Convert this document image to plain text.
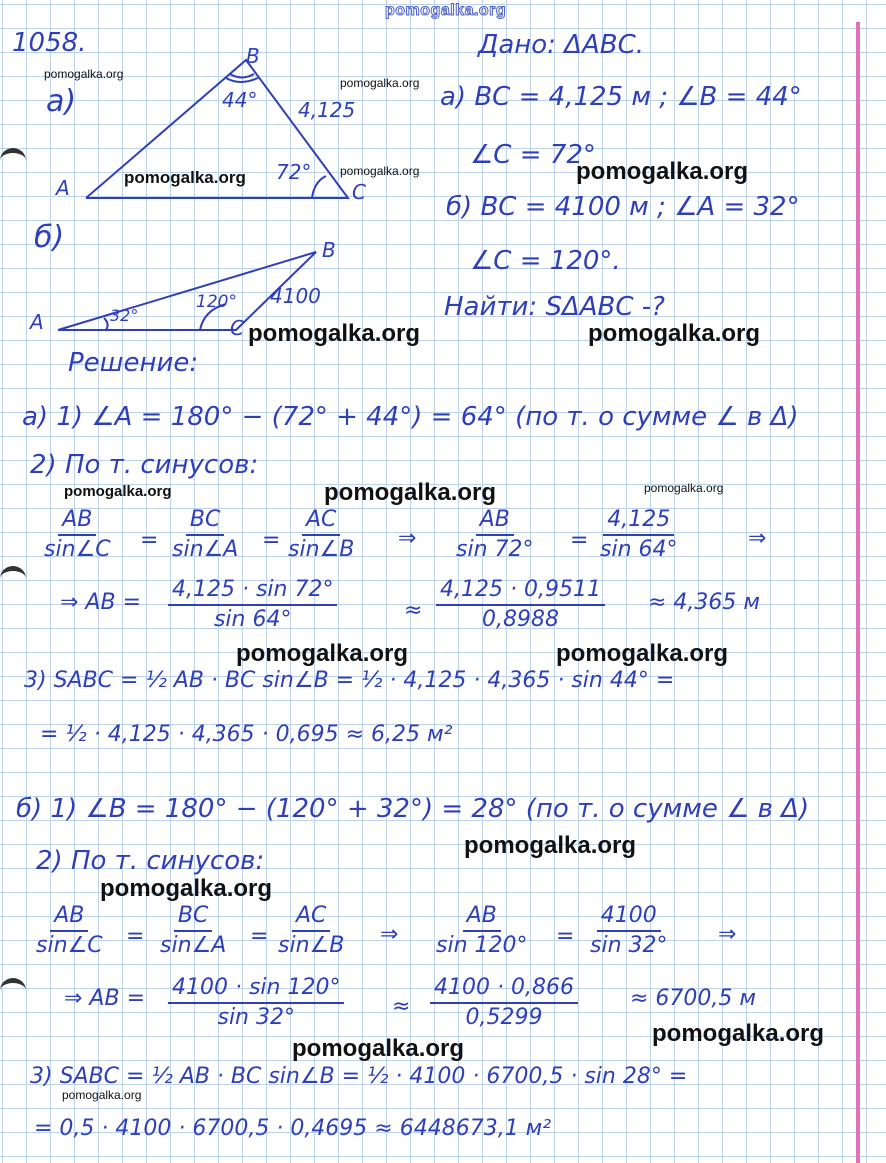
pomogalka.org
pomogalka.org
pomogalka.org
pomogalka.org
pomogalka.org	pomogalka.org
pomogalka.org	pomogalka.org
pomogalka.org	pomogalka.org	pomogalka.org
pomogalka.org	pomogalka.org
pomogalka.org
pomogalka.org
pomogalka.org
pomogalka.org
pomogalka.org
1058.
а)
A
B
C
44°
72°
4,125
б)
A
B
C
32°
120° 4100
Дано: ΔABC.
а) BC = 4,125 м ; ∠B = 44°
∠C = 72°
б) BC = 4100 м ; ∠A = 32°
∠C = 120°.
Найти: SΔABC -?
Решение:
а) 1) ∠A = 180° − (72° + 44°) = 64° (по т. о сумме ∠ в Δ)
2) По т. синусов:
$\frac{AB}{\sin\angle C} = \frac{BC}{\sin\angle A} = \frac{AC}{\sin\angle B}$ ⇒ $\frac{AB}{\sin 72^\circ} = \frac{4,125}{\sin 64^\circ}$	⇒
⇒ AB = $\frac{4,125 \cdot \sin 72^\circ}{\sin 64^\circ}$	≈ $\frac{4,125 \cdot 0,9511}{0,8988} \approx 4,365$ м
3) SABC = ½ AB · BC sin∠B = ½ · 4,125 · 4,365 · sin 44° =
= ½ · 4,125 · 4,365 · 0,695 ≈ 6,25 м²
б) 1) ∠B = 180° − (120° + 32°) = 28° (по т. о сумме ∠ в Δ)
2) По т. синусов:
$\frac{AB}{\sin\angle C} = \frac{BC}{\sin\angle A} = \frac{AC}{\sin\angle B}$ ⇒ $\frac{AB}{\sin 120^\circ} = \frac{4100}{\sin 32^\circ}$ ⇒
⇒ AB = $\frac{4100 \cdot \sin 120^\circ}{\sin 32^\circ} \approx \frac{4100 \cdot 0,866}{0,5299} \approx 6700,5$ м
3) SABC = ½ AB · BC sin∠B = ½ · 4100 · 6700,5 · sin 28° =
= 0,5 · 4100 · 6700,5 · 0,4695 ≈ 6448673,1 м²
